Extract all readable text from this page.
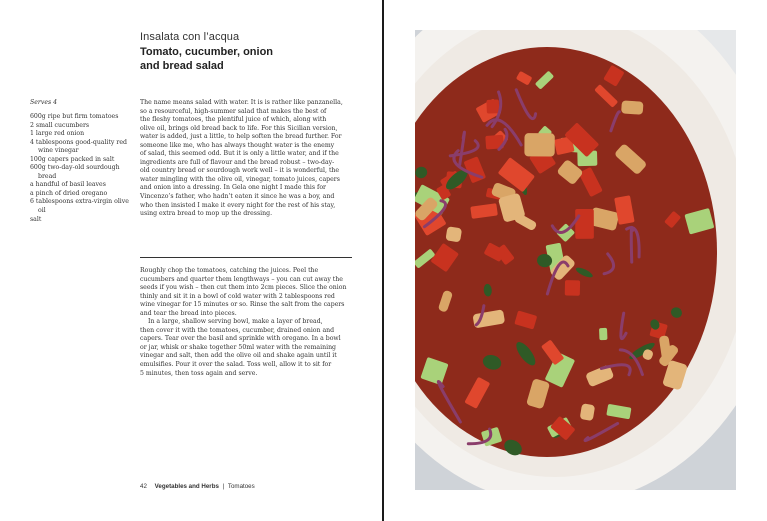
Insalata con l’acqua
Tomato, cucumber, onion
and bread salad
Serves 4
600g ripe but firm tomatoes
2 small cucumbers
1 large red onion
4 tablespoons good-quality red wine vinegar
100g capers packed in salt
600g two-day-old sourdough bread
a handful of basil leaves
a pinch of dried oregano
6 tablespoons extra-virgin olive oil
salt
The name means salad with water. It is is rather like panzanella,
so a resourceful, high-summer salad that makes the best of
the fleshy tomatoes, the plentiful juice of which, along with
olive oil, brings old bread back to life. For this Sicilian version,
water is added, just a little, to help soften the bread further. For
someone like me, who has always thought water is the enemy
of salad, this seemed odd. But it is only a little water, and if the
ingredients are full of flavour and the bread robust – two-day-
old country bread or sourdough work well – it is wonderful, the
water mingling with the olive oil, vinegar, tomato juices, capers
and onion into a dressing. In Gela one night I made this for
Vincenzo’s father, who hadn’t eaten it since he was a boy, and
who then insisted I make it every night for the rest of his stay,
using extra bread to mop up the dressing.

Roughly chop the tomatoes, catching the juices. Peel the
cucumbers and quarter them lengthways – you can cut away the
seeds if you wish – then cut them into 2cm pieces. Slice the onion
thinly and sit it in a bowl of cold water with 2 tablespoons red
wine vinegar for 15 minutes or so. Rinse the salt from the capers
and tear the bread into pieces.

In a large, shallow serving bowl, make a layer of bread,
then cover it with the tomatoes, cucumber, drained onion and
capers. Tear over the basil and sprinkle with oregano. In a bowl
or jar, whisk or shake together 50ml water with the remaining
vinegar and salt, then add the olive oil and shake again until it
emulsifies. Pour it over the salad. Toss well, allow it to sit for
5 minutes, then toss again and serve.

42 Vegetables and Herbs | Tomatoes
